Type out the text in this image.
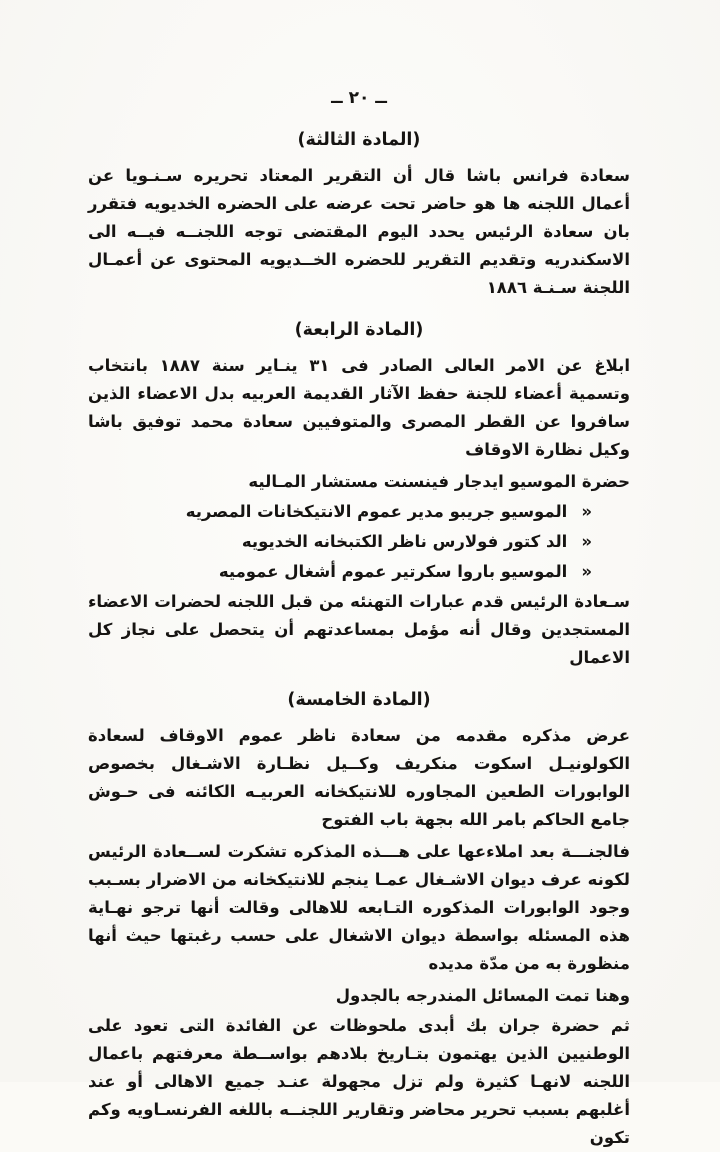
ــ ٢٠ ــ
(المادة الثالثة)
سعادة فرانس باشا قال أن التقرير المعتاد تحريره سـنـويا عن أعمال اللجنه ها هو حاضر تحت عرضه على الحضره الخديويه فتقرر بان سعادة الرئيس يحدد اليوم المقتضى توجه اللجنــه فيــه الى الاسكندريه وتقديم التقرير للحضره الخــديويه المحتوى عن أعمـال اللجنة سـنـة ١٨٨٦
(المادة الرابعة)
ابلاغ عن الامر العالى الصادر فى ٣١ ينـاير سنة ١٨٨٧ بانتخاب وتسمية أعضاء للجنة حفظ الآثار القديمة العربيه بدل الاعضاء الذين سافروا عن القطر المصرى والمتوفيين سعادة محمد توفيق باشا وكيل نظارة الاوقاف
حضرة الموسيو ايدجار فينسنت مستشار المـاليه
«الموسيو جريبو مدير عموم الانتيكخانات المصريه
«الد كتور فولارس ناظر الكتبخانه الخديويه
«الموسيو باروا سكرتير عموم أشغال عموميه
سـعادة الرئيس قدم عبارات التهنئه من قبل اللجنه لحضرات الاعضاء المستجدين وقال أنه مؤمل بمساعدتهم أن يتحصل على نجاز كل الاعمال
(المادة الخامسة)
عرض مذكره مقدمه من سعادة ناظر عموم الاوقاف لسعادة الكولونيـل اسكوت منكريف وكــيل نظـارة الاشـغال بخصوص الوابورات الطعين المجاوره للانتيكخانه العربيـه الكائنه فى حـوش جامع الحاكم بامر الله بجهة باب الفتوح
فالجنـــة بعد املاءعها على هـــذه المذكره تشكرت لســعادة الرئيس لكونه عرف ديوان الاشـغال عمـا ينجم للانتيكخانه من الاضرار بسـبب وجود الوابورات المذكوره التـابعه للاهالى وقالت أنها ترجو نهـاية هذه المسئله بواسطة ديوان الاشغال على حسب رغبتها حيث أنها منظورة به من مدّة مديده
وهنا تمت المسائل المندرجه بالجدول
ثم حضرة جران بك أبدى ملحوظات عن الفائدة التى تعود على الوطنيين الذين يهتمون بتـاريخ بلادهم بواســطة معرفتهم باعمال اللجنه لانهـا كثيرة ولم تزل مجهولة عنـد جميع الاهالى أو عند أغلبهم بسبب تحرير محاضر وتقارير اللجنــه باللغه الفرنسـاويه وكم تكون
